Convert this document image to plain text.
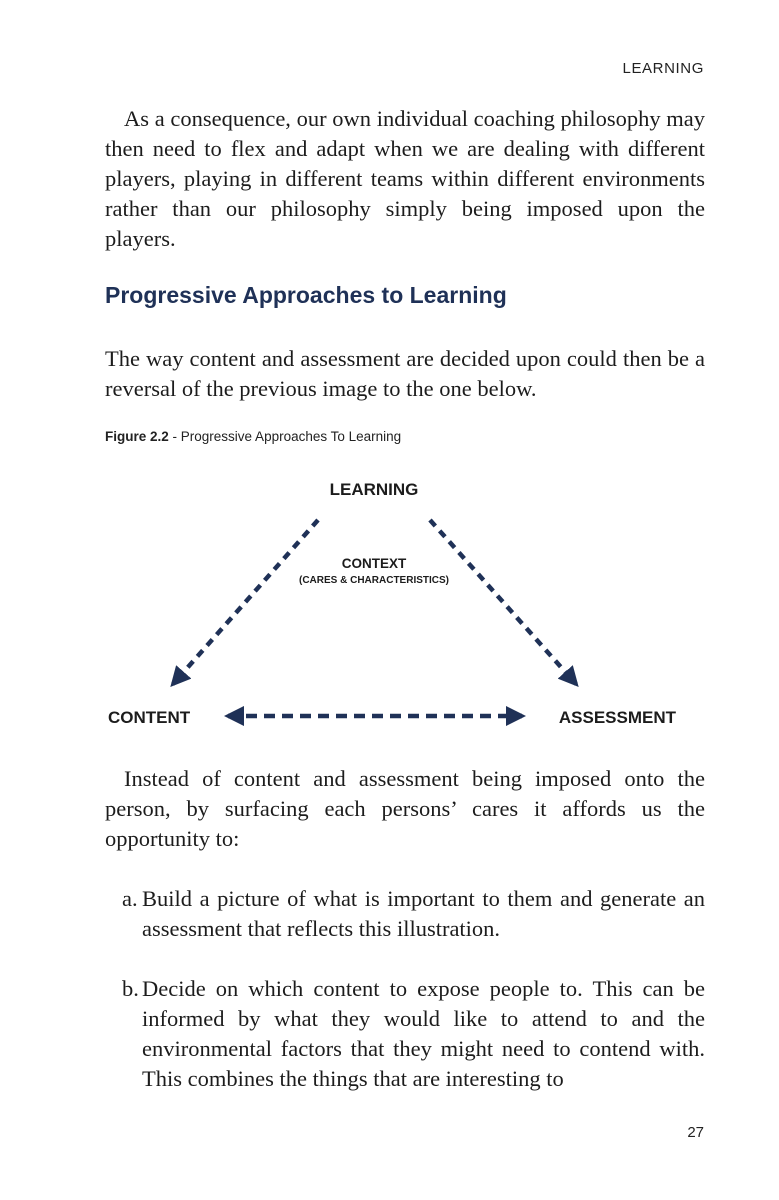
LEARNING

As a consequence, our own individual coaching philosophy may then need to flex and adapt when we are dealing with different players, playing in different teams within different environments rather than our philosophy simply being imposed upon the players.

Progressive Approaches to Learning

The way content and assessment are decided upon could then be a reversal of the previous image to the one below.

Figure 2.2 - Progressive Approaches To Learning
LEARNING
CONTEXT
(CARES & CHARACTERISTICS)
CONTENT	ASSESSMENT

Instead of content and assessment being imposed onto the person, by surfacing each persons’ cares it affords us the opportunity to:

a. Build a picture of what is important to them and generate an assessment that reflects this illustration.
b. Decide on which content to expose people to. This can be informed by what they would like to attend to and the environmental factors that they might need to contend with. This combines the things that are interesting to
27
